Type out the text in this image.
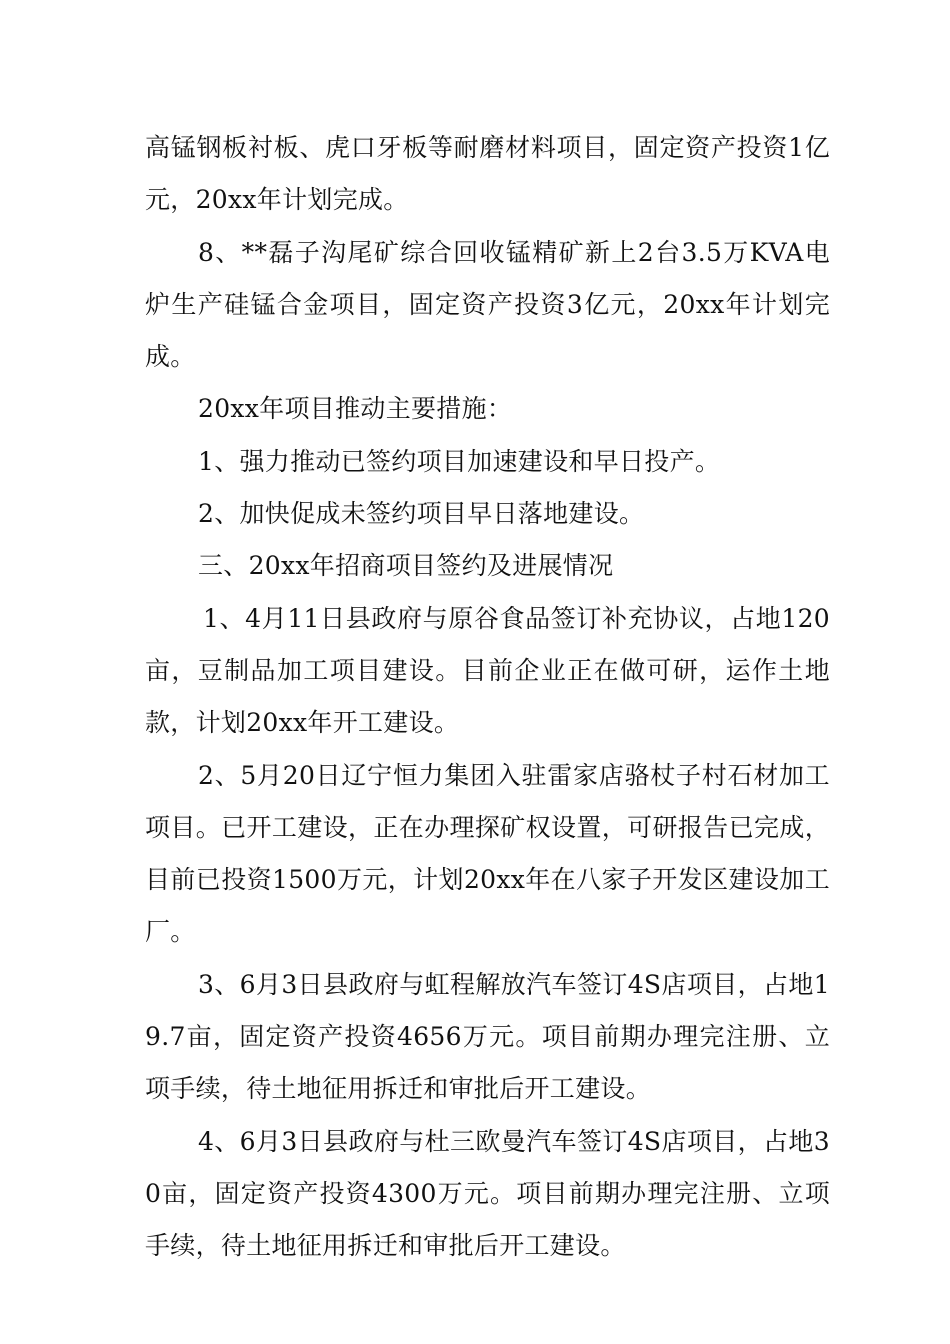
高锰钢板衬板、虎口牙板等耐磨材料项目，固定资产投资1亿元，20xx年计划完成。

8、**磊子沟尾矿综合回收锰精矿新上2台3.5万KVA电炉生产硅锰合金项目，固定资产投资3亿元，20xx年计划完成。

20xx年项目推动主要措施：

1、强力推动已签约项目加速建设和早日投产。

2、加快促成未签约项目早日落地建设。

三、20xx年招商项目签约及进展情况

1、4月11日县政府与原谷食品签订补充协议，占地120亩，豆制品加工项目建设。目前企业正在做可研，运作土地款，计划20xx年开工建设。

2、5月20日辽宁恒力集团入驻雷家店骆杖子村石材加工项目。已开工建设，正在办理探矿权设置，可研报告已完成，目前已投资1500万元，计划20xx年在八家子开发区建设加工厂。

3、6月3日县政府与虹程解放汽车签订4S店项目，占地19.7亩，固定资产投资4656万元。项目前期办理完注册、立项手续，待土地征用拆迁和审批后开工建设。

4、6月3日县政府与杜三欧曼汽车签订4S店项目，占地30亩，固定资产投资4300万元。项目前期办理完注册、立项手续，待土地征用拆迁和审批后开工建设。
